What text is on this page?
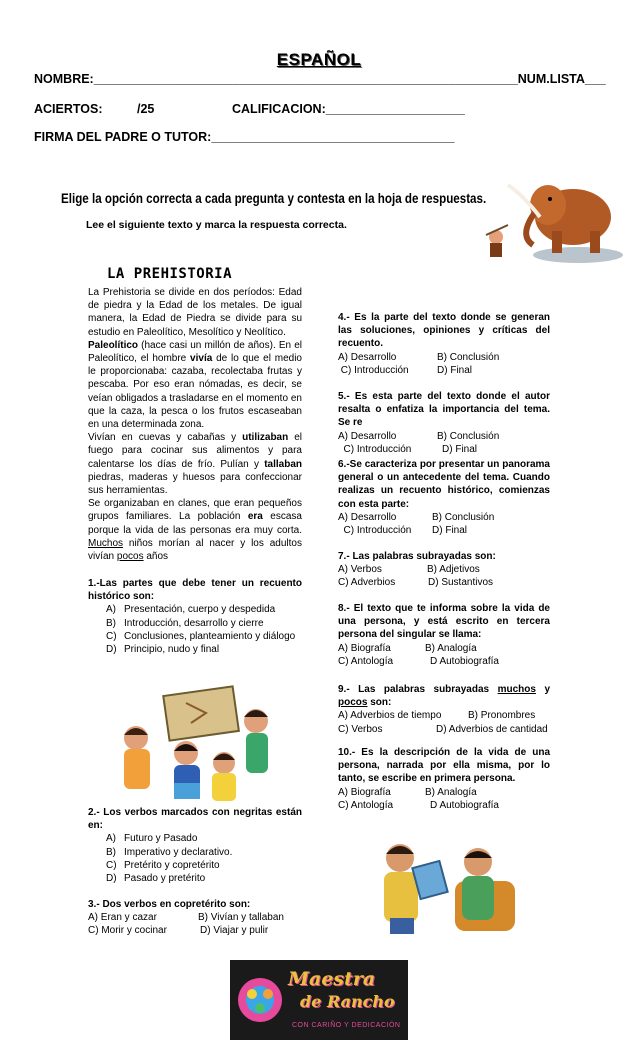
ESPAÑOL
NOMBRE:_____________________________________________________________NUM.LISTA___
ACIERTOS:	/25	CALIFICACION:____________________
FIRMA DEL PADRE O TUTOR:___________________________________
Elige la opción correcta a cada pregunta y contesta en la hoja de respuestas.
Lee el siguiente texto y marca la respuesta correcta.
LA PREHISTORIA

La Prehistoria se divide en dos períodos: Edad de piedra y la Edad de los metales. De igual manera, la Edad de Piedra se divide para su estudio en Paleolítico, Mesolítico y Neolítico.

Paleolítico (hace casi un millón de años). En el Paleolítico, el hombre vivía de lo que el medio le proporcionaba: cazaba, recolectaba frutas y pescaba. Por eso eran nómadas, es decir, se veían obligados a trasladarse en el momento en que la caza, la pesca o los frutos escaseaban en una determinada zona.

Vivían en cuevas y cabañas y utilizaban el fuego para cocinar sus alimentos y para calentarse los días de frío. Pulían y tallaban piedras, maderas y huesos para confeccionar sus herramientas.

Se organizaban en clanes, que eran pequeños grupos familiares. La población era escasa porque la vida de las personas era muy corta. Muchos niños morían al nacer y los adultos vivían pocos años

1.-Las partes que debe tener un recuento histórico son:
A) Presentación, cuerpo y despedida
B) Introducción, desarrollo y cierre
C) Conclusiones, planteamiento y diálogo
D) Principio, nudo y final
2.- Los verbos marcados con negritas están en:
A) Futuro y Pasado
B) Imperativo y declarativo.
C) Pretérito y copretérito
D) Pasado y pretérito
3.- Dos verbos en copretérito son:
A) Eran y cazar	B) Vivían y tallaban
C) Morir y cocinar	D) Viajar y pulir
4.- Es la parte del texto donde se generan las soluciones, opiniones y críticas del recuento.
A) Desarrollo	B) Conclusión
C) Introducción	D) Final
5.- Es esta parte del texto donde el autor resalta o enfatiza la importancia del tema. Se re
A) Desarrollo	B) Conclusión
C) Introducción	D) Final
6.-Se caracteriza por presentar un panorama general o un antecedente del tema. Cuando realizas un recuento histórico, comienzas con esta parte:
A) Desarrollo	B) Conclusión
C) Introducción	D) Final
7.- Las palabras subrayadas son:
A) Verbos	B) Adjetivos
C) Adverbios	D) Sustantivos
8.- El texto que te informa sobre la vida de una persona, y está escrito en tercera persona del singular se llama:
A) Biografía	B) Analogía
C) Antología	D Autobiografía
9.- Las palabras subrayadas muchos y pocos son:
A) Adverbios de tiempo	B) Pronombres
C) Verbos	D) Adverbios de cantidad
10.- Es la descripción de la vida de una persona, narrada por ella misma, por lo tanto, se escribe en primera persona.
A) Biografía	B) Analogía
C) Antología	D Autobiografía
Maestra
de Rancho
CON CARIÑO Y DEDICACIÓN
